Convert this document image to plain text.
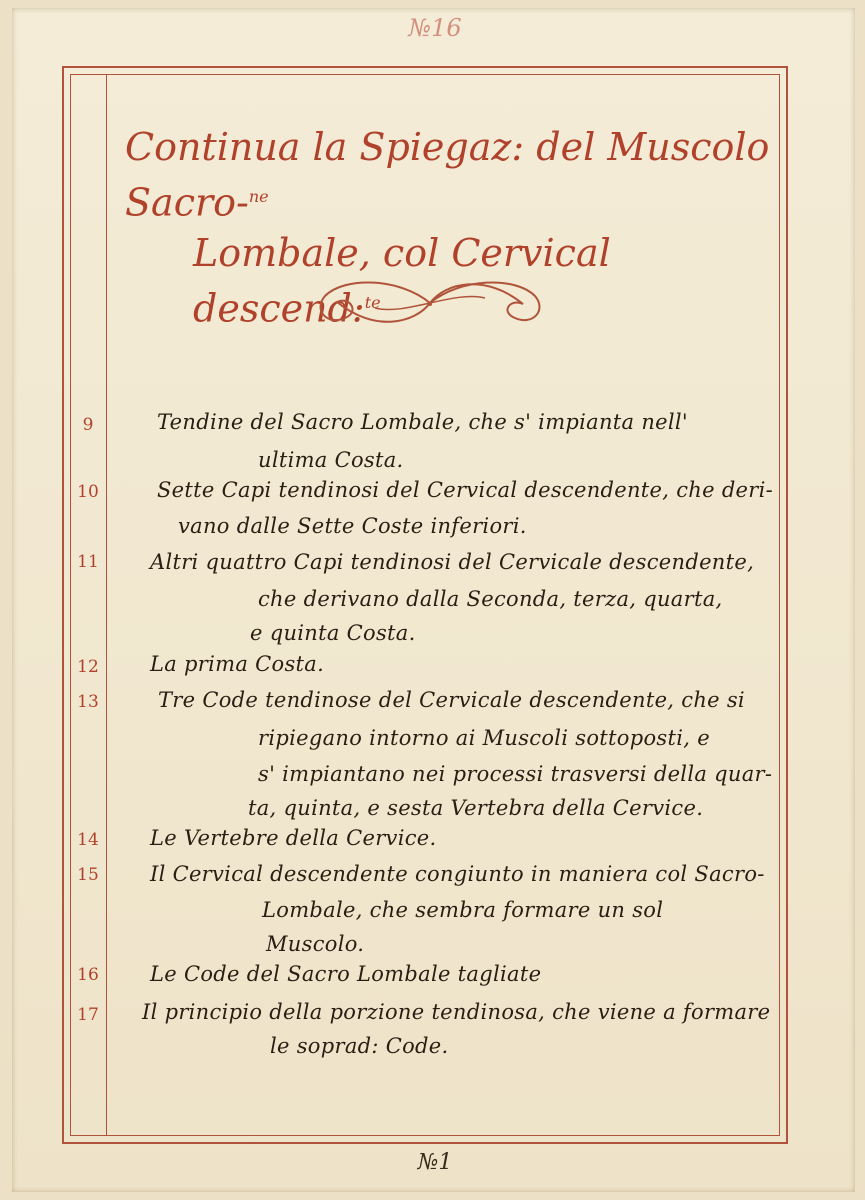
№16
Continua la Spiegaz: del Muscolo Sacro-$^{ne}$
Lombale, col Cervical descend:$^{te}$
9	Tendine del Sacro Lombale, che s' impianta nell'
ultima Costa.
10	Sette Capi tendinosi del Cervical descendente, che deri-
vano dalle Sette Coste inferiori.
11	Altri quattro Capi tendinosi del Cervicale descendente,
che derivano dalla Seconda, terza, quarta,
e quinta Costa.
12	La prima Costa.
13	Tre Code tendinose del Cervicale descendente, che si
ripiegano intorno ai Muscoli sottoposti, e
s' impiantano nei processi trasversi della quar-
ta, quinta, e sesta Vertebra della Cervice.
14	Le Vertebre della Cervice.
15	Il Cervical descendente congiunto in maniera col Sacro-
Lombale, che sembra formare un sol
Muscolo.
16	Le Code del Sacro Lombale tagliate
17	Il principio della porzione tendinosa, che viene a formare
le soprad: Code.
№1
